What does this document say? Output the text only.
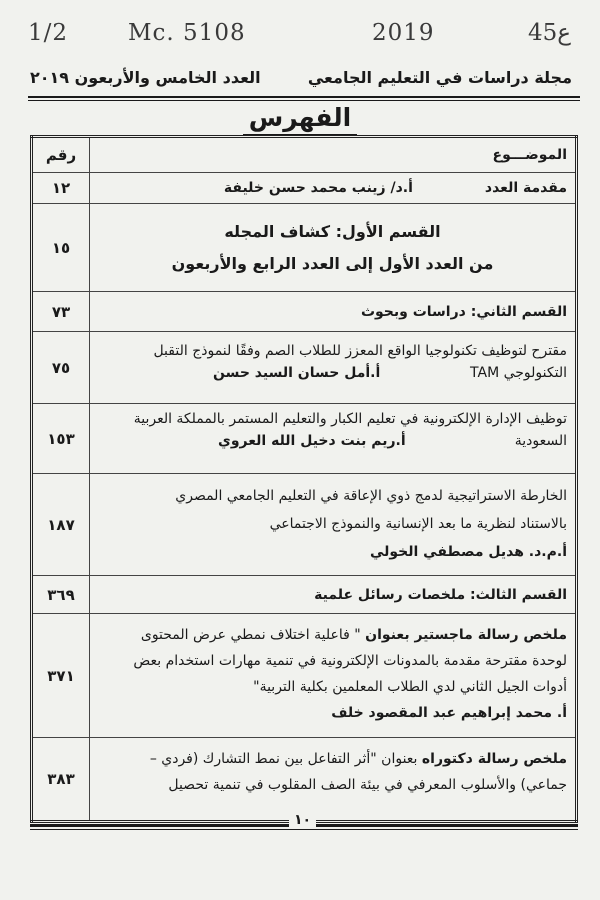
1/2	Mc. 5108	2019	45ع
مجلة دراسات في التعليم الجامعي
العدد الخامس والأربعون ٢٠١٩
الفهرس
الموضـــوع	رقم

مقدمة العدد
أ.د/ زينب محمد حسن خليفة	١٢

القسم الأول: كشاف المجله
من العدد الأول إلى العدد الرابع والأربعون	١٥
القسم الثاني: دراسات وبحوث	٧٣

مقترح لتوظيف تكنولوجيا الواقع المعزز للطلاب الصم وفقًا لنموذج التقبل
التكنولوجي TAM
أ.أمل حسان السيد حسن	٧٥

توظيف الإدارة الإلكترونية في تعليم الكبار والتعليم المستمر بالمملكة العربية
السعودية
أ.ريم بنت دخيل الله العروي	١٥٣

الخارطة الاستراتيجية لدمج ذوي الإعاقة في التعليم الجامعي المصري
بالاستناد لنظرية ما بعد الإنسانية والنموذج الاجتماعي
أ.م.د. هديل مصطفي الخولي	١٨٧
القسم الثالث: ملخصات رسائل علمية	٣٦٩

ملخص رسالة ماجستير بعنوان " فاعلية اختلاف نمطي عرض المحتوى
لوحدة مقترحة مقدمة بالمدونات الإلكترونية في تنمية مهارات استخدام بعض
أدوات الجيل الثاني لدي الطلاب المعلمين بكلية التربية"
أ. محمد إبراهيم عبد المقصود خلف	٣٧١

ملخص رسالة دكتوراه بعنوان "أثر التفاعل بين نمط التشارك (فردي –
جماعي) والأسلوب المعرفي في بيئة الصف المقلوب في تنمية تحصيل	٣٨٣
١٠
